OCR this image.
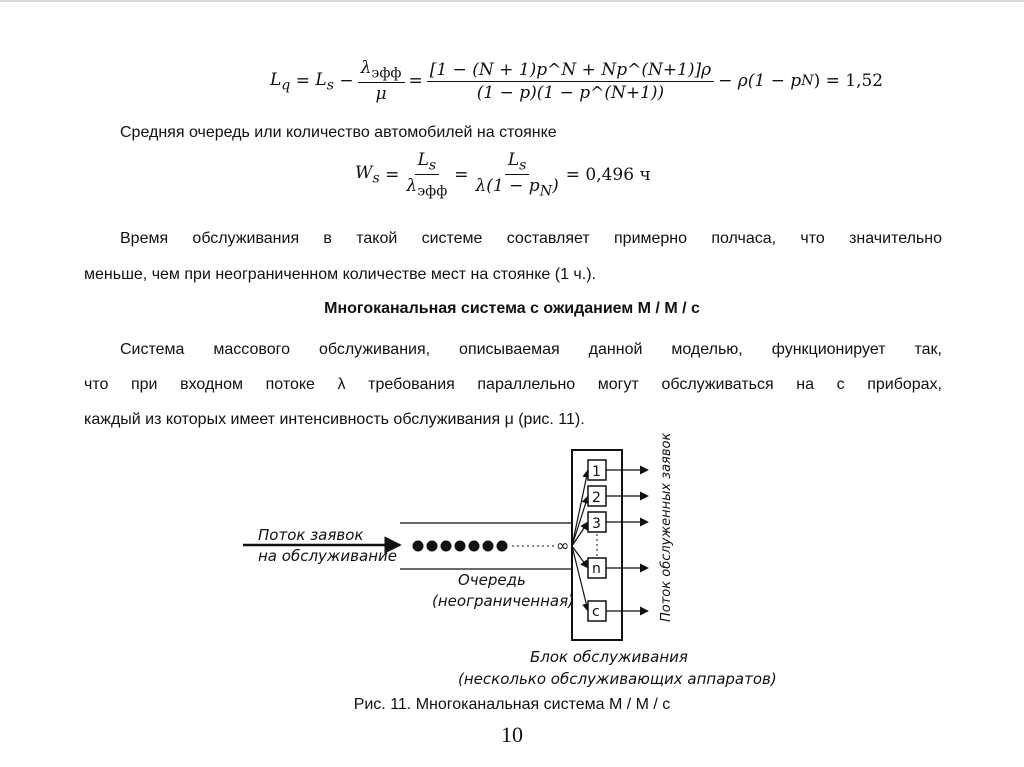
$L_q = L_s - \frac{\lambda_{эфф}}{\mu} = \frac{[1 - (N + 1)p\^{}N + Np\^{}(N+1)]\rho}{(1 - p)(1 - p\^{}(N+1))} - \rho(1 - p$ N ) = 1,52
Средняя очередь или количество автомобилей на стоянке
$W_s = \frac{L_s}{\lambda_{эфф}} = \frac{L_s}{\lambda(1 - p_N)} = 0,496$ ч
Время обслуживания в такой системе составляет примерно полчаса, что значительно
меньше, чем при неограниченном количестве мест на стоянке (1 ч.).
Многоканальная система с ожиданием M / M / c
Система массового обслуживания, описываемая данной моделью, функционирует так,
что при входном потоке λ требования параллельно могут обслуживаться на с приборах,
каждый из которых имеет интенсивность обслуживания μ (рис. 11).
Поток заявок
на обслуживание
∞
Очередь
(неограниченная)
1
2
3
n
c	Поток обслуженных заявок
Блок обслуживания
(несколько обслуживающих аппаратов)
Рис. 11. Многоканальная система M / M / c
10
